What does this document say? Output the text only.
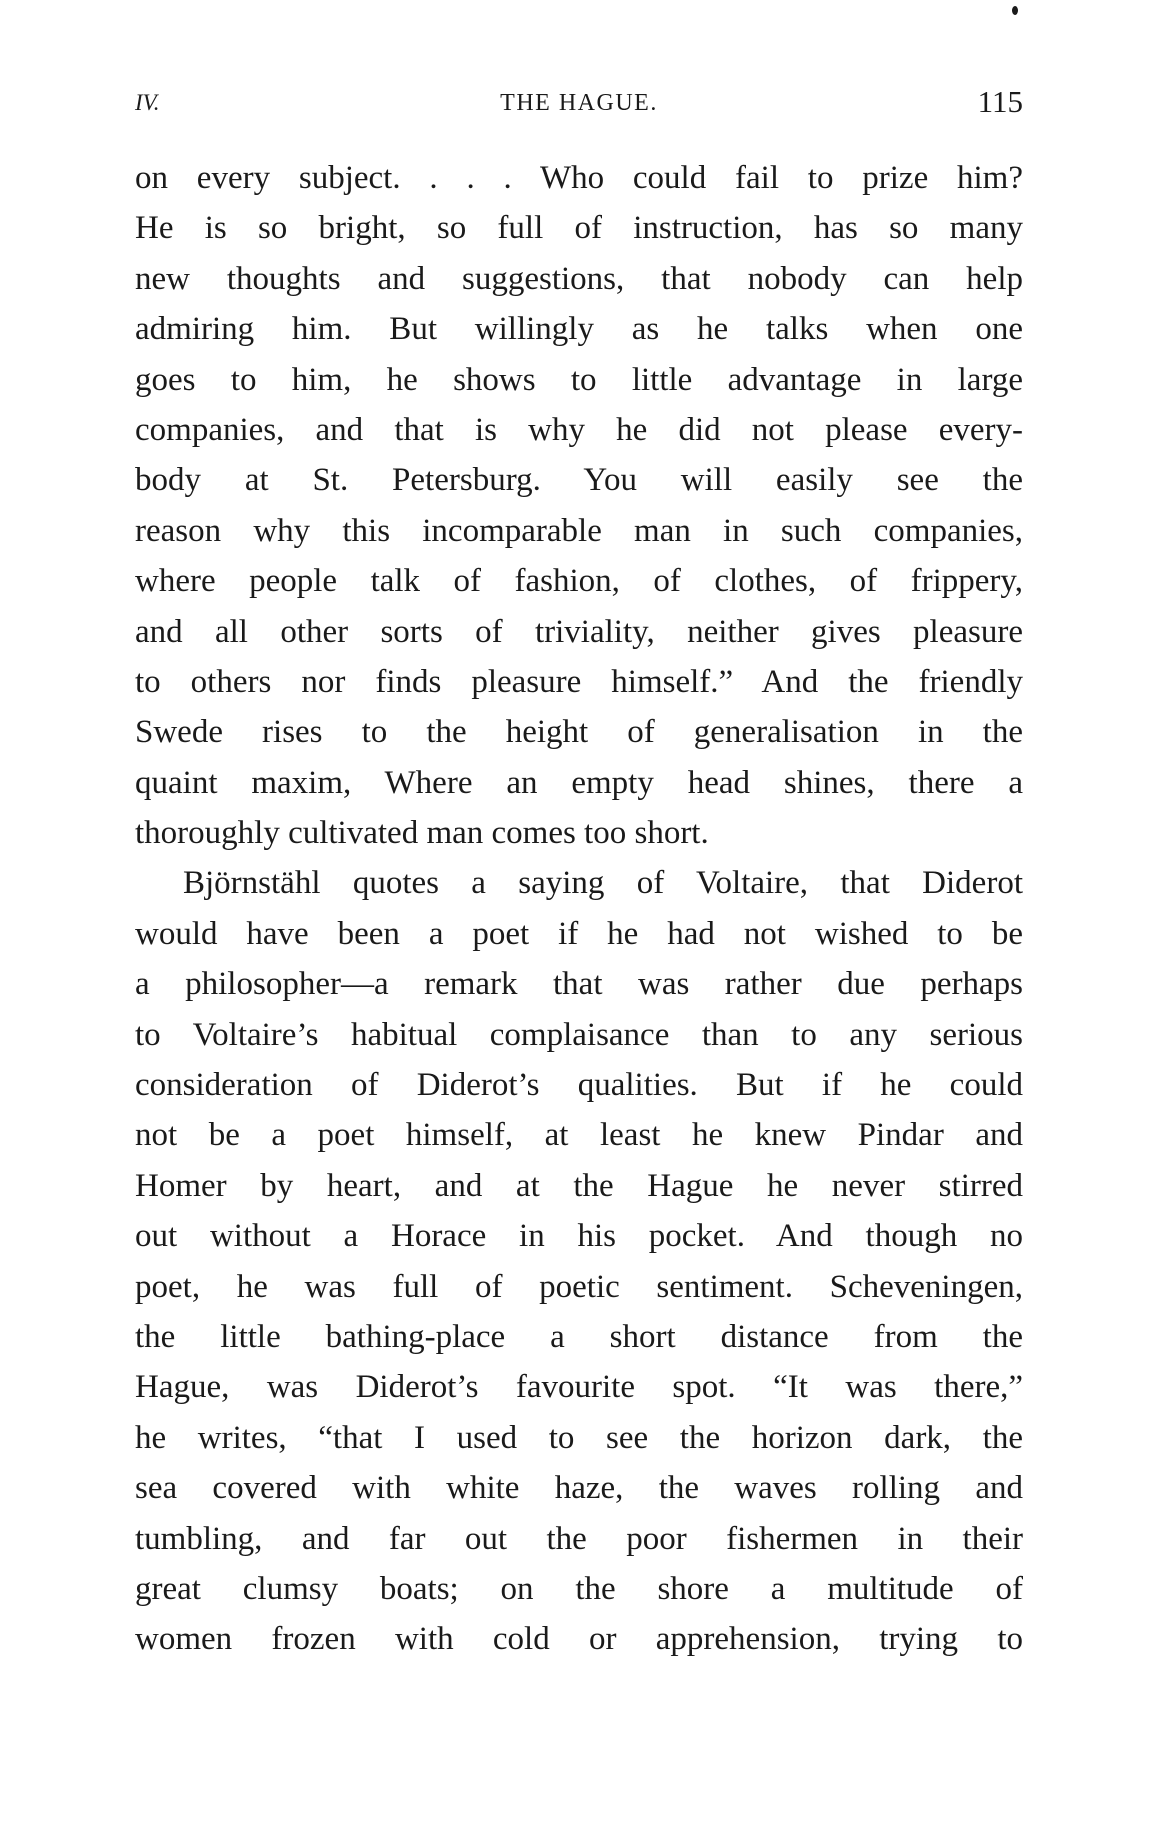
IV.	THE HAGUE.	115
on every subject. . . . Who could fail to prize him?
He is so bright, so full of instruction, has so many
new thoughts and suggestions, that nobody can help
admiring him. But willingly as he talks when one
goes to him, he shows to little advantage in large
companies, and that is why he did not please every-
body at St. Petersburg. You will easily see the
reason why this incomparable man in such companies,
where people talk of fashion, of clothes, of frippery,
and all other sorts of triviality, neither gives pleasure
to others nor finds pleasure himself.” And the friendly
Swede rises to the height of generalisation in the
quaint maxim, Where an empty head shines, there a
thoroughly cultivated man comes too short.
Björnstähl quotes a saying of Voltaire, that Diderot
would have been a poet if he had not wished to be
a philosopher—a remark that was rather due perhaps
to Voltaire’s habitual complaisance than to any serious
consideration of Diderot’s qualities. But if he could
not be a poet himself, at least he knew Pindar and
Homer by heart, and at the Hague he never stirred
out without a Horace in his pocket. And though no
poet, he was full of poetic sentiment. Scheveningen,
the little bathing-place a short distance from the
Hague, was Diderot’s favourite spot. “It was there,”
he writes, “that I used to see the horizon dark, the
sea covered with white haze, the waves rolling and
tumbling, and far out the poor fishermen in their
great clumsy boats; on the shore a multitude of
women frozen with cold or apprehension, trying to
